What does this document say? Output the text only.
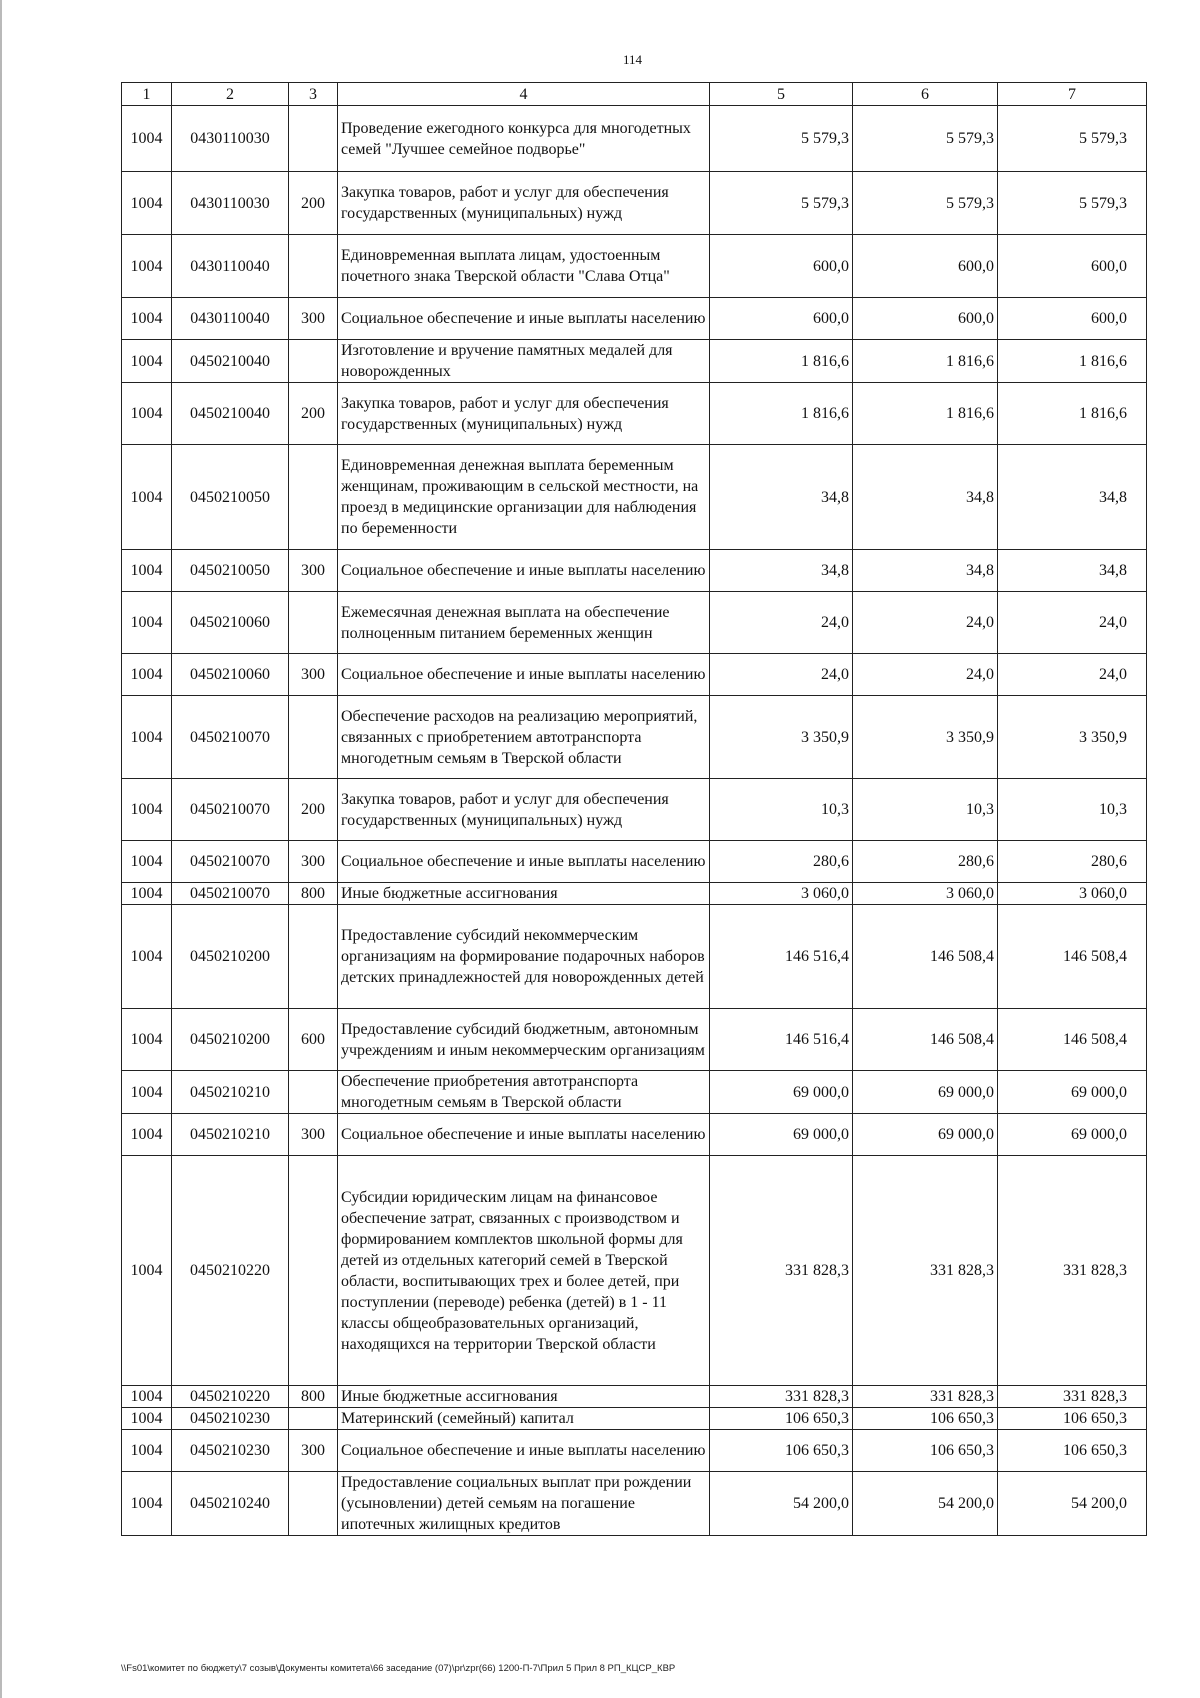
114
1	2	3	4	5	6	7
1004	0430110030		Проведение ежегодного конкурса для многодетных семей "Лучшее семейное подворье"	5 579,3	5 579,3	5 579,3
1004	0430110030	200	Закупка товаров, работ и услуг для обеспечения государственных (муниципальных) нужд	5 579,3	5 579,3	5 579,3
1004	0430110040		Единовременная выплата лицам, удостоенным почетного знака Тверской области "Слава Отца"	600,0	600,0	600,0
1004	0430110040	300	Социальное обеспечение и иные выплаты населению	600,0	600,0	600,0
1004	0450210040		Изготовление и вручение памятных медалей для новорожденных	1 816,6	1 816,6	1 816,6
1004	0450210040	200	Закупка товаров, работ и услуг для обеспечения государственных (муниципальных) нужд	1 816,6	1 816,6	1 816,6
1004	0450210050		Единовременная денежная выплата беременным женщинам, проживающим в сельской местности, на проезд в медицинские организации для наблюдения по беременности	34,8	34,8	34,8
1004	0450210050	300	Социальное обеспечение и иные выплаты населению	34,8	34,8	34,8
1004	0450210060		Ежемесячная денежная выплата на обеспечение полноценным питанием беременных женщин	24,0	24,0	24,0
1004	0450210060	300	Социальное обеспечение и иные выплаты населению	24,0	24,0	24,0
1004	0450210070		Обеспечение расходов на реализацию мероприятий, связанных с приобретением автотранспорта многодетным семьям в Тверской области	3 350,9	3 350,9	3 350,9
1004	0450210070	200	Закупка товаров, работ и услуг для обеспечения государственных (муниципальных) нужд	10,3	10,3	10,3
1004	0450210070	300	Социальное обеспечение и иные выплаты населению	280,6	280,6	280,6
1004	0450210070	800	Иные бюджетные ассигнования	3 060,0	3 060,0	3 060,0
1004	0450210200		Предоставление субсидий некоммерческим организациям на формирование подарочных наборов детских принадлежностей для новорожденных детей	146 516,4	146 508,4	146 508,4
1004	0450210200	600	Предоставление субсидий бюджетным, автономным учреждениям и иным некоммерческим организациям	146 516,4	146 508,4	146 508,4
1004	0450210210		Обеспечение приобретения автотранспорта многодетным семьям в Тверской области	69 000,0	69 000,0	69 000,0
1004	0450210210	300	Социальное обеспечение и иные выплаты населению	69 000,0	69 000,0	69 000,0
1004	0450210220		Субсидии юридическим лицам на финансовое обеспечение затрат, связанных с производством и формированием комплектов школьной формы для детей из отдельных категорий семей в Тверской области, воспитывающих трех и более детей, при поступлении (переводе) ребенка (детей) в 1 - 11 классы общеобразовательных организаций, находящихся на территории Тверской области	331 828,3	331 828,3	331 828,3
1004	0450210220	800	Иные бюджетные ассигнования	331 828,3	331 828,3	331 828,3
1004	0450210230		Материнский (семейный) капитал	106 650,3	106 650,3	106 650,3
1004	0450210230	300	Социальное обеспечение и иные выплаты населению	106 650,3	106 650,3	106 650,3
1004	0450210240		Предоставление социальных выплат при рождении (усыновлении) детей семьям на погашение ипотечных жилищных кредитов	54 200,0	54 200,0	54 200,0
\\Fs01\комитет по бюджету\7 созыв\Документы комитета\66 заседание (07)\pr\zpr(66) 1200-П-7\Прил 5 Прил 8 РП_КЦСР_КВР
